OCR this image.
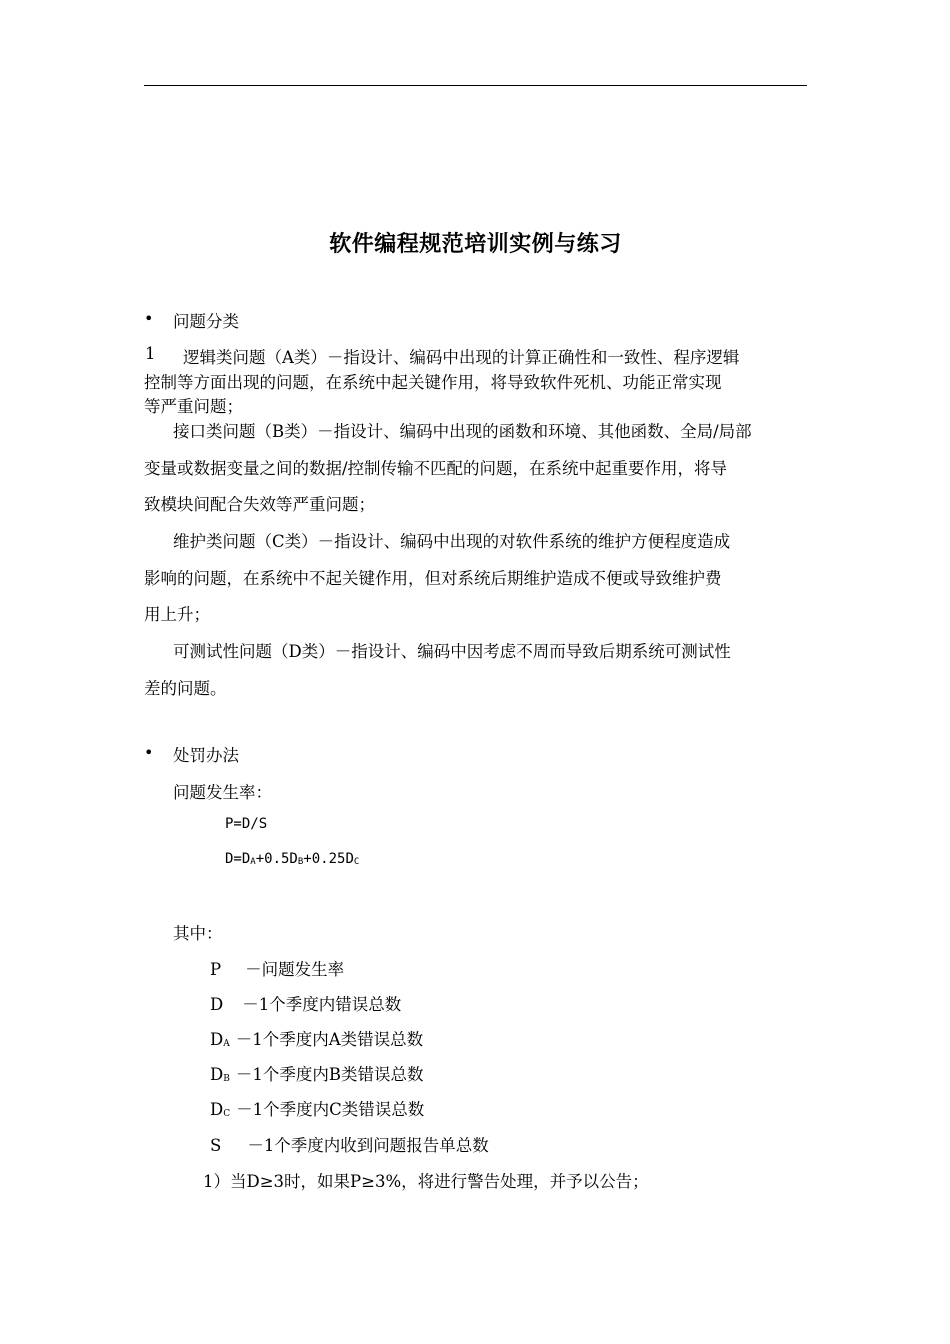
软件编程规范培训实例与练习
• 问题分类
1 逻辑类问题（A类）－指设计、编码中出现的计算正确性和一致性、程序逻辑
控制等方面出现的问题，在系统中起关键作用，将导致软件死机、功能正常实现
等严重问题；
接口类问题（B类）－指设计、编码中出现的函数和环境、其他函数、全局/局部
变量或数据变量之间的数据/控制传输不匹配的问题，在系统中起重要作用，将导
致模块间配合失效等严重问题；
维护类问题（C类）－指设计、编码中出现的对软件系统的维护方便程度造成
影响的问题，在系统中不起关键作用，但对系统后期维护造成不便或导致维护费
用上升；
可测试性问题（D类）－指设计、编码中因考虑不周而导致后期系统可测试性
差的问题。
• 处罚办法
问题发生率：
P=D/S
$D=D_A+0.5D_B+0.25D_C$
其中：
P －问题发生率
D －1个季度内错误总数
$D_A -1$个季度内A类错误总数
$D_B -1$个季度内B类错误总数
$D_C -1$个季度内C类错误总数
S －1个季度内收到问题报告单总数
1）当D≥3时，如果P≥3%，将进行警告处理，并予以公告；
